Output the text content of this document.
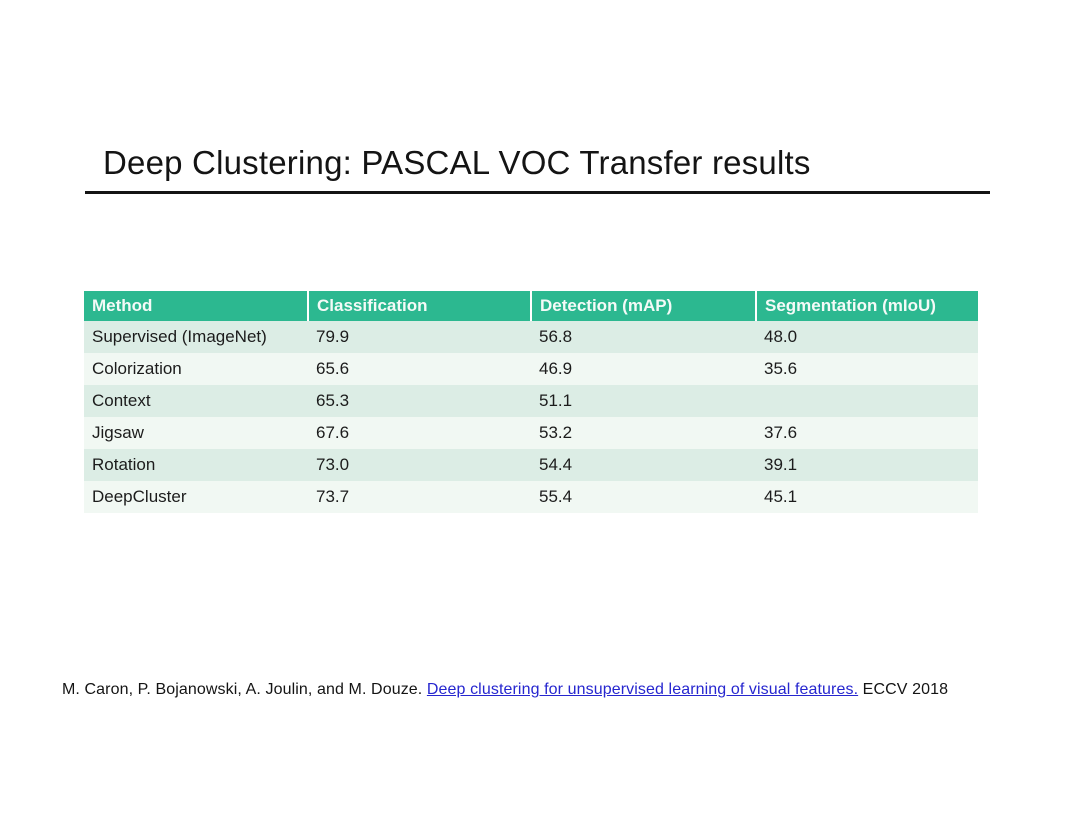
Deep Clustering: PASCAL VOC Transfer results
Method	Classification	Detection (mAP)	Segmentation (mIoU)
Supervised (ImageNet)	79.9	56.8	48.0
Colorization	65.6	46.9	35.6
Context	65.3	51.1	
Jigsaw	67.6	53.2	37.6
Rotation	73.0	54.4	39.1
DeepCluster	73.7	55.4	45.1
M. Caron, P. Bojanowski, A. Joulin, and M. Douze. Deep clustering for unsupervised learning of visual features. ECCV 2018
